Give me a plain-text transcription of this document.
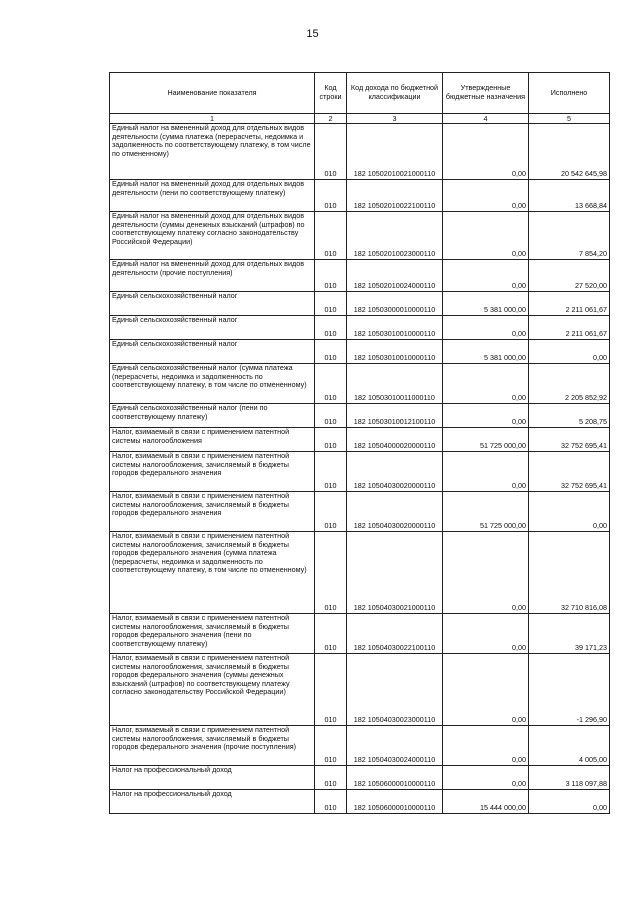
15
Наименование показателя	Код строки	Код дохода по бюджетной классификации	Утвержденные бюджетные назначения	Исполнено
1	2	3	4	5
Единый налог на вмененный доход для отдельных видов деятельности (сумма платежа (перерасчеты, недоимка и задолженность по соответствующему платежу, в том числе по отмененному)	010	182 10502010021000110	0,00	20 542 645,98
Единый налог на вмененный доход для отдельных видов деятельности (пени по соответствующему платежу)	010	182 10502010022100110	0,00	13 668,84
Единый налог на вмененный доход для отдельных видов деятельности (суммы денежных взысканий (штрафов) по соответствующему платежу согласно законодательству Российской Федерации)	010	182 10502010023000110	0,00	7 854,20
Единый налог на вмененный доход для отдельных видов деятельности (прочие поступления)	010	182 10502010024000110	0,00	27 520,00
Единый сельскохозяйственный налог	010	182 10503000010000110	5 381 000,00	2 211 061,67
Единый сельскохозяйственный налог	010	182 10503010010000110	0,00	2 211 061,67
Единый сельскохозяйственный налог	010	182 10503010010000110	5 381 000,00	0,00
Единый сельскохозяйственный налог (сумма платежа (перерасчеты, недоимка и задолженность по соответствующему платежу, в том числе по отмененному)	010	182 10503010011000110	0,00	2 205 852,92
Единый сельскохозяйственный налог (пени по соответствующему платежу)	010	182 10503010012100110	0,00	5 208,75
Налог, взимаемый в связи с применением патентной системы налогообложения	010	182 10504000020000110	51 725 000,00	32 752 695,41
Налог, взимаемый в связи с применением патентной системы налогообложения, зачисляемый в бюджеты городов федерального значения	010	182 10504030020000110	0,00	32 752 695,41
Налог, взимаемый в связи с применением патентной системы налогообложения, зачисляемый в бюджеты городов федерального значения	010	182 10504030020000110	51 725 000,00	0,00
Налог, взимаемый в связи с применением патентной системы налогообложения, зачисляемый в бюджеты городов федерального значения (сумма платежа (перерасчеты, недоимка и задолженность по соответствующему платежу, в том числе по отмененному)	010	182 10504030021000110	0,00	32 710 816,08
Налог, взимаемый в связи с применением патентной системы налогообложения, зачисляемый в бюджеты городов федерального значения (пени по соответствующему платежу)	010	182 10504030022100110	0,00	39 171,23
Налог, взимаемый в связи с применением патентной системы налогообложения, зачисляемый в бюджеты городов федерального значения (суммы денежных взысканий (штрафов) по соответствующему платежу согласно законодательству Российской Федерации)	010	182 10504030023000110	0,00	-1 296,90
Налог, взимаемый в связи с применением патентной системы налогообложения, зачисляемый в бюджеты городов федерального значения (прочие поступления)	010	182 10504030024000110	0,00	4 005,00
Налог на профессиональный доход	010	182 10506000010000110	0,00	3 118 097,88
Налог на профессиональный доход	010	182 10506000010000110	15 444 000,00	0,00
